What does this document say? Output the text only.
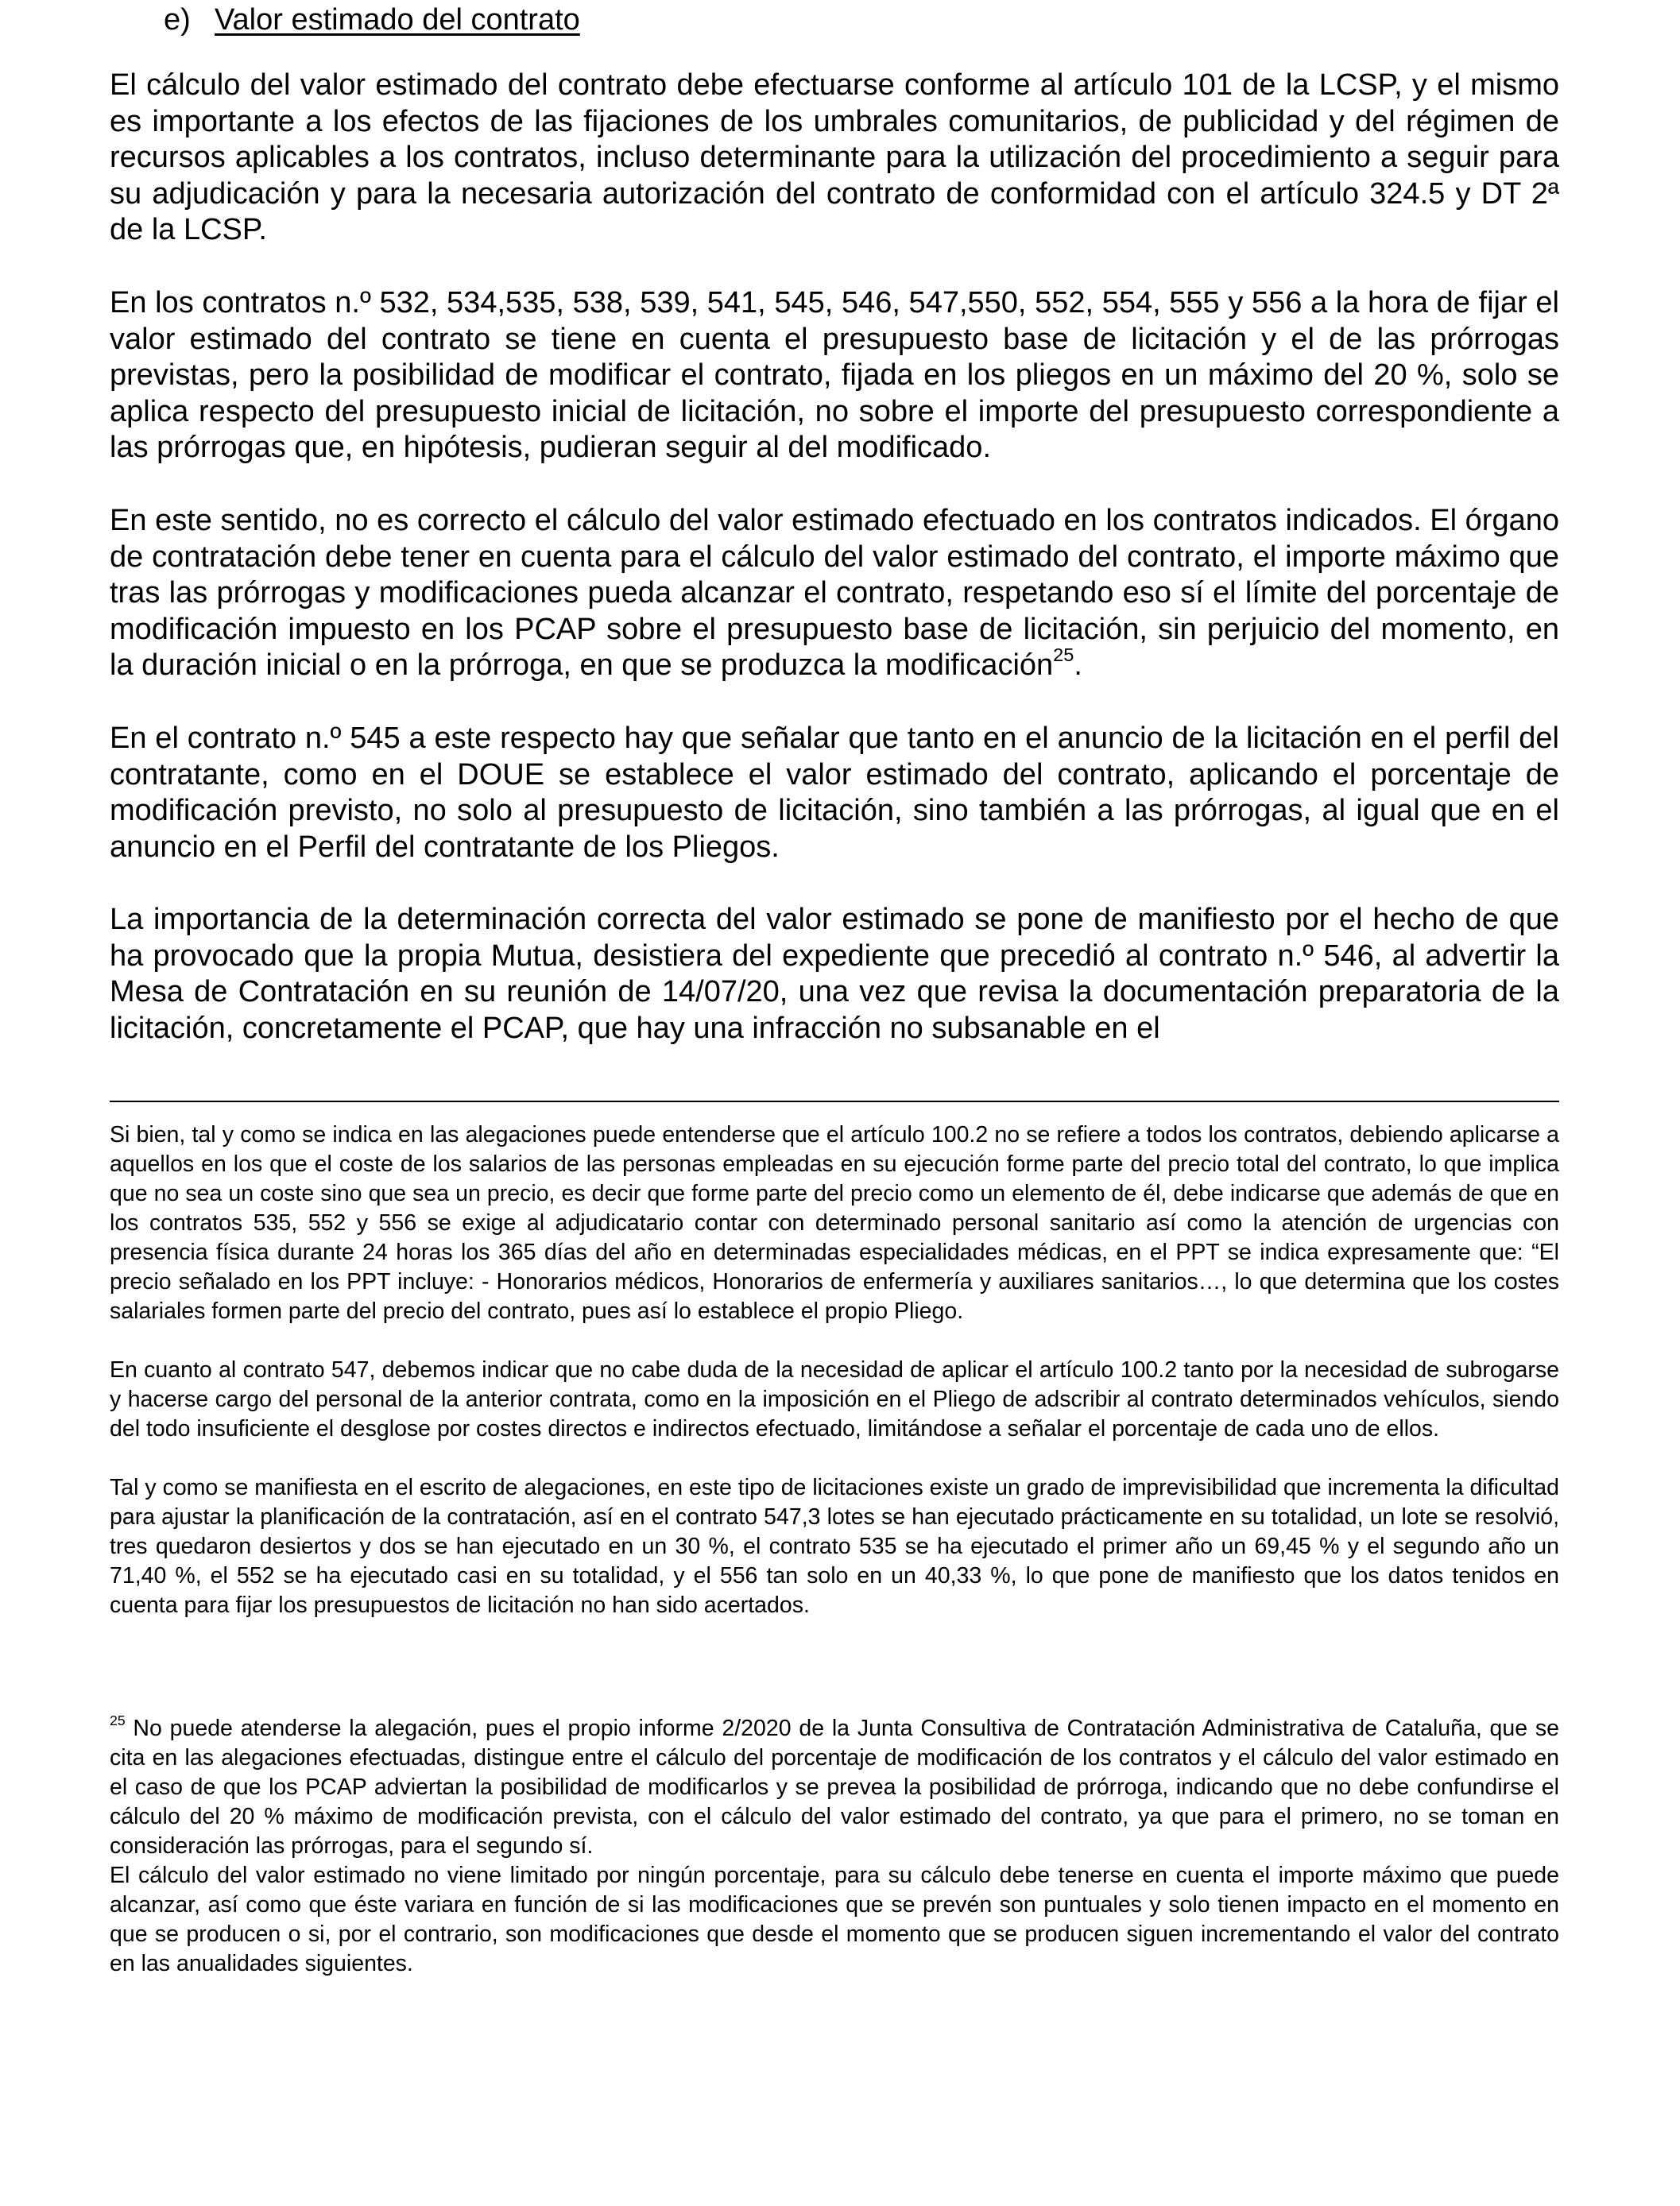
e) Valor estimado del contrato

El cálculo del valor estimado del contrato debe efectuarse conforme al artículo 101 de la LCSP, y el mismo es importante a los efectos de las fijaciones de los umbrales comunitarios, de publicidad y del régimen de recursos aplicables a los contratos, incluso determinante para la utilización del procedimiento a seguir para su adjudicación y para la necesaria autorización del contrato de conformidad con el artículo 324.5 y DT 2ª de la LCSP.

En los contratos n.º 532, 534,535, 538, 539, 541, 545, 546, 547,550, 552, 554, 555 y 556 a la hora de fijar el valor estimado del contrato se tiene en cuenta el presupuesto base de licitación y el de las prórrogas previstas, pero la posibilidad de modificar el contrato, fijada en los pliegos en un máximo del 20 %, solo se aplica respecto del presupuesto inicial de licitación, no sobre el importe del presupuesto correspondiente a las prórrogas que, en hipótesis, pudieran seguir al del modificado.

En este sentido, no es correcto el cálculo del valor estimado efectuado en los contratos indicados. El órgano de contratación debe tener en cuenta para el cálculo del valor estimado del contrato, el importe máximo que tras las prórrogas y modificaciones pueda alcanzar el contrato, respetando eso sí el límite del porcentaje de modificación impuesto en los PCAP sobre el presupuesto base de licitación, sin perjuicio del momento, en la duración inicial o en la prórroga, en que se produzca la modificación$^{25}$.

En el contrato n.º 545 a este respecto hay que señalar que tanto en el anuncio de la licitación en el perfil del contratante, como en el DOUE se establece el valor estimado del contrato, aplicando el porcentaje de modificación previsto, no solo al presupuesto de licitación, sino también a las prórrogas, al igual que en el anuncio en el Perfil del contratante de los Pliegos.

La importancia de la determinación correcta del valor estimado se pone de manifiesto por el hecho de que ha provocado que la propia Mutua, desistiera del expediente que precedió al contrato n.º 546, al advertir la Mesa de Contratación en su reunión de 14/07/20, una vez que revisa la documentación preparatoria de la licitación, concretamente el PCAP, que hay una infracción no subsanable en el

Si bien, tal y como se indica en las alegaciones puede entenderse que el artículo 100.2 no se refiere a todos los contratos, debiendo aplicarse a aquellos en los que el coste de los salarios de las personas empleadas en su ejecución forme parte del precio total del contrato, lo que implica que no sea un coste sino que sea un precio, es decir que forme parte del precio como un elemento de él, debe indicarse que además de que en los contratos 535, 552 y 556 se exige al adjudicatario contar con determinado personal sanitario así como la atención de urgencias con presencia física durante 24 horas los 365 días del año en determinadas especialidades médicas, en el PPT se indica expresamente que: “El precio señalado en los PPT incluye: - Honorarios médicos, Honorarios de enfermería y auxiliares sanitarios…, lo que determina que los costes salariales formen parte del precio del contrato, pues así lo establece el propio Pliego.

En cuanto al contrato 547, debemos indicar que no cabe duda de la necesidad de aplicar el artículo 100.2 tanto por la necesidad de subrogarse y hacerse cargo del personal de la anterior contrata, como en la imposición en el Pliego de adscribir al contrato determinados vehículos, siendo del todo insuficiente el desglose por costes directos e indirectos efectuado, limitándose a señalar el porcentaje de cada uno de ellos.

Tal y como se manifiesta en el escrito de alegaciones, en este tipo de licitaciones existe un grado de imprevisibilidad que incrementa la dificultad para ajustar la planificación de la contratación, así en el contrato 547,3 lotes se han ejecutado prácticamente en su totalidad, un lote se resolvió, tres quedaron desiertos y dos se han ejecutado en un 30 %, el contrato 535 se ha ejecutado el primer año un 69,45 % y el segundo año un 71,40 %, el 552 se ha ejecutado casi en su totalidad, y el 556 tan solo en un 40,33 %, lo que pone de manifiesto que los datos tenidos en cuenta para fijar los presupuestos de licitación no han sido acertados.

$^{25}$ No puede atenderse la alegación, pues el propio informe 2/2020 de la Junta Consultiva de Contratación Administrativa de Cataluña, que se cita en las alegaciones efectuadas, distingue entre el cálculo del porcentaje de modificación de los contratos y el cálculo del valor estimado en el caso de que los PCAP adviertan la posibilidad de modificarlos y se prevea la posibilidad de prórroga, indicando que no debe confundirse el cálculo del 20 % máximo de modificación prevista, con el cálculo del valor estimado del contrato, ya que para el primero, no se toman en consideración las prórrogas, para el segundo sí.

El cálculo del valor estimado no viene limitado por ningún porcentaje, para su cálculo debe tenerse en cuenta el importe máximo que puede alcanzar, así como que éste variara en función de si las modificaciones que se prevén son puntuales y solo tienen impacto en el momento en que se producen o si, por el contrario, son modificaciones que desde el momento que se producen siguen incrementando el valor del contrato en las anualidades siguientes.
